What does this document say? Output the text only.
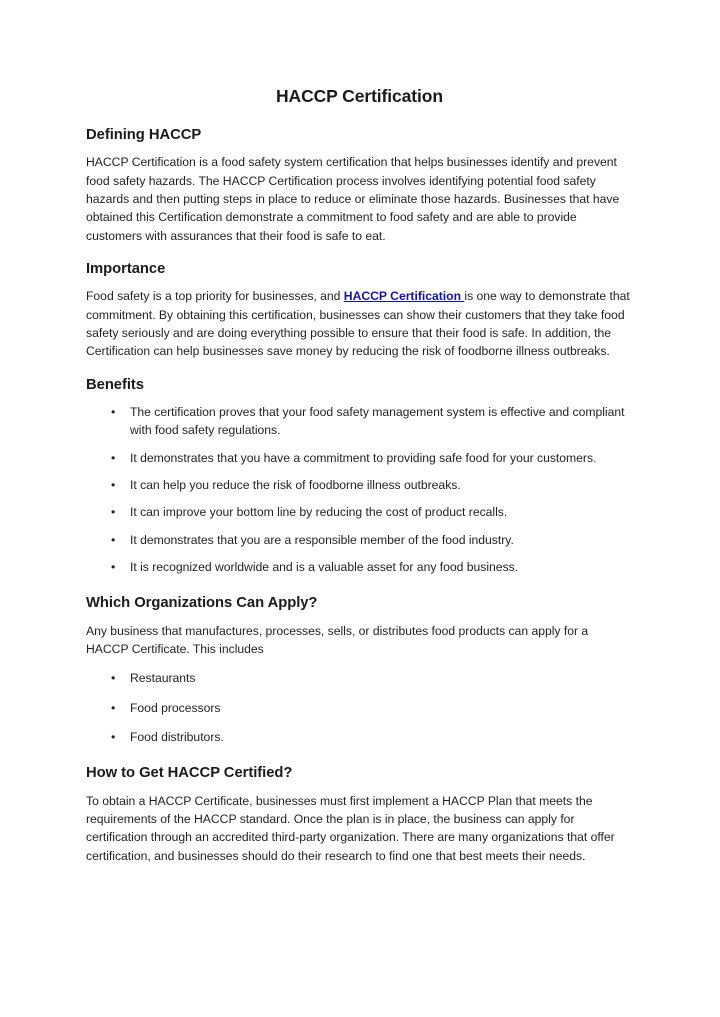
HACCP Certification
Defining HACCP

HACCP Certification is a food safety system certification that helps businesses identify and prevent food safety hazards. The HACCP Certification process involves identifying potential food safety hazards and then putting steps in place to reduce or eliminate those hazards. Businesses that have obtained this Certification demonstrate a commitment to food safety and are able to provide customers with assurances that their food is safe to eat.

Importance

Food safety is a top priority for businesses, and HACCP Certification is one way to demonstrate that commitment. By obtaining this certification, businesses can show their customers that they take food safety seriously and are doing everything possible to ensure that their food is safe. In addition, the Certification can help businesses save money by reducing the risk of foodborne illness outbreaks.

Benefits
• The certification proves that your food safety management system is effective and compliant with food safety regulations.
• It demonstrates that you have a commitment to providing safe food for your customers.
• It can help you reduce the risk of foodborne illness outbreaks.
• It can improve your bottom line by reducing the cost of product recalls.
• It demonstrates that you are a responsible member of the food industry.
• It is recognized worldwide and is a valuable asset for any food business.
Which Organizations Can Apply?

Any business that manufactures, processes, sells, or distributes food products can apply for a HACCP Certificate. This includes

• Restaurants
• Food processors
• Food distributors.
How to Get HACCP Certified?

To obtain a HACCP Certificate, businesses must first implement a HACCP Plan that meets the requirements of the HACCP standard. Once the plan is in place, the business can apply for certification through an accredited third-party organization. There are many organizations that offer certification, and businesses should do their research to find one that best meets their needs.
